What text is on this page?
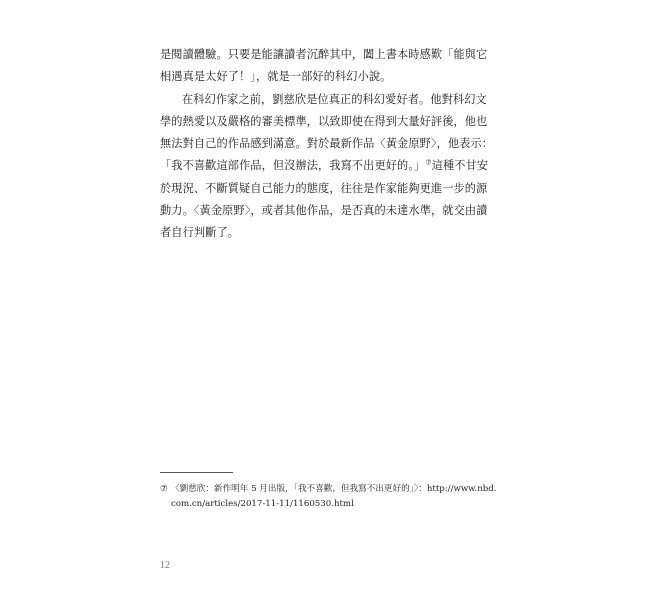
是閱讀體驗。只要是能讓讀者沉醉其中，闔上書本時感歎「能與它相遇真是太好了！」，就是一部好的科幻小說。

在科幻作家之前，劉慈欣是位真正的科幻愛好者。他對科幻文學的熱愛以及嚴格的審美標準，以致即使在得到大量好評後，他也無法對自己的作品感到滿意。對於最新作品〈黃金原野〉，他表示：「我不喜歡這部作品，但沒辦法，我寫不出更好的。」⑦這種不甘安於現況、不斷質疑自己能力的態度，往往是作家能夠更進一步的源動力。〈黃金原野〉，或者其他作品，是否真的未達水準，就交由讀者自行判斷了。

⑦ 〈劉慈欣：新作明年 5 月出版，「我不喜歡，但我寫不出更好的」〉：http://www.nbd.
com.cn/articles/2017-11-11/1160530.html
12
